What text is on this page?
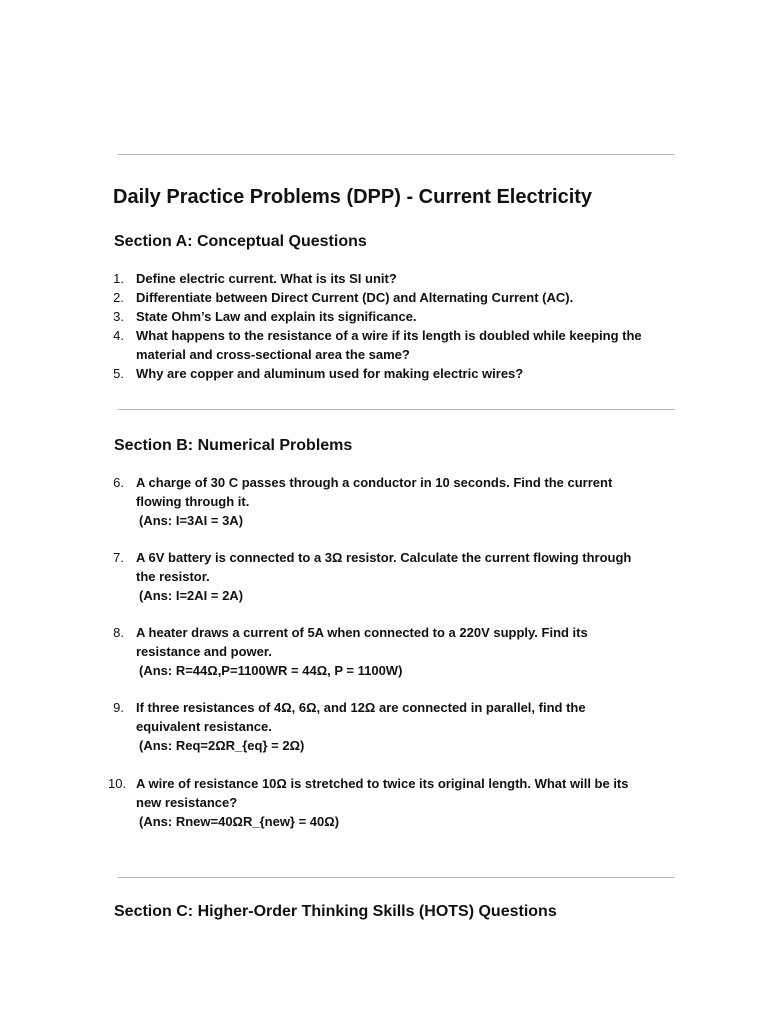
Daily Practice Problems (DPP) - Current Electricity
Section A: Conceptual Questions
1. Define electric current. What is its SI unit?
2. Differentiate between Direct Current (DC) and Alternating Current (AC).
3. State Ohm’s Law and explain its significance.
4. What happens to the resistance of a wire if its length is doubled while keeping the
material and cross-sectional area the same?
5. Why are copper and aluminum used for making electric wires?
Section B: Numerical Problems
6. A charge of 30 C passes through a conductor in 10 seconds. Find the current
flowing through it.
(Ans: I=3AI = 3A)
7. A 6V battery is connected to a 3Ω resistor. Calculate the current flowing through
the resistor.
(Ans: I=2AI = 2A)
8. A heater draws a current of 5A when connected to a 220V supply. Find its
resistance and power.
(Ans: R=44Ω,P=1100WR = 44Ω, P = 1100W)
9. If three resistances of 4Ω, 6Ω, and 12Ω are connected in parallel, find the
equivalent resistance.
(Ans: Req=2ΩR_{eq} = 2Ω)
10. A wire of resistance 10Ω is stretched to twice its original length. What will be its
new resistance?
(Ans: Rnew=40ΩR_{new} = 40Ω)
Section C: Higher-Order Thinking Skills (HOTS) Questions
